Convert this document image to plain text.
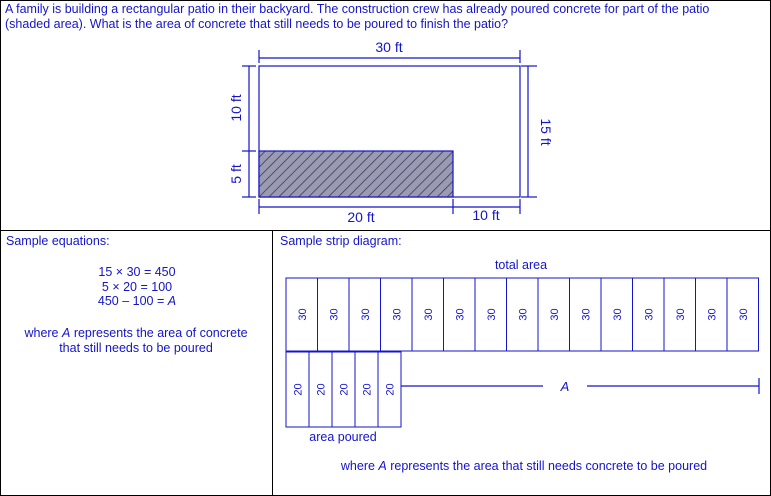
A family is building a rectangular patio in their backyard. The construction crew has already poured concrete for part of the patio
(shaded area). What is the area of concrete that still needs to be poured to finish the patio?
30 ft
15 ft
10 ft
5 ft
20 ft	10 ft
Sample equations:
15 × 30 = 450
5 × 20 = 100
450 – 100 = A
where A represents the area of concrete
that still needs to be poured
Sample strip diagram:
total area
30 30 30 30 30 30 30 30 30 30 30 30 30 30 30
20 20 20 20 20	A
area poured
where A represents the area that still needs concrete to be poured
